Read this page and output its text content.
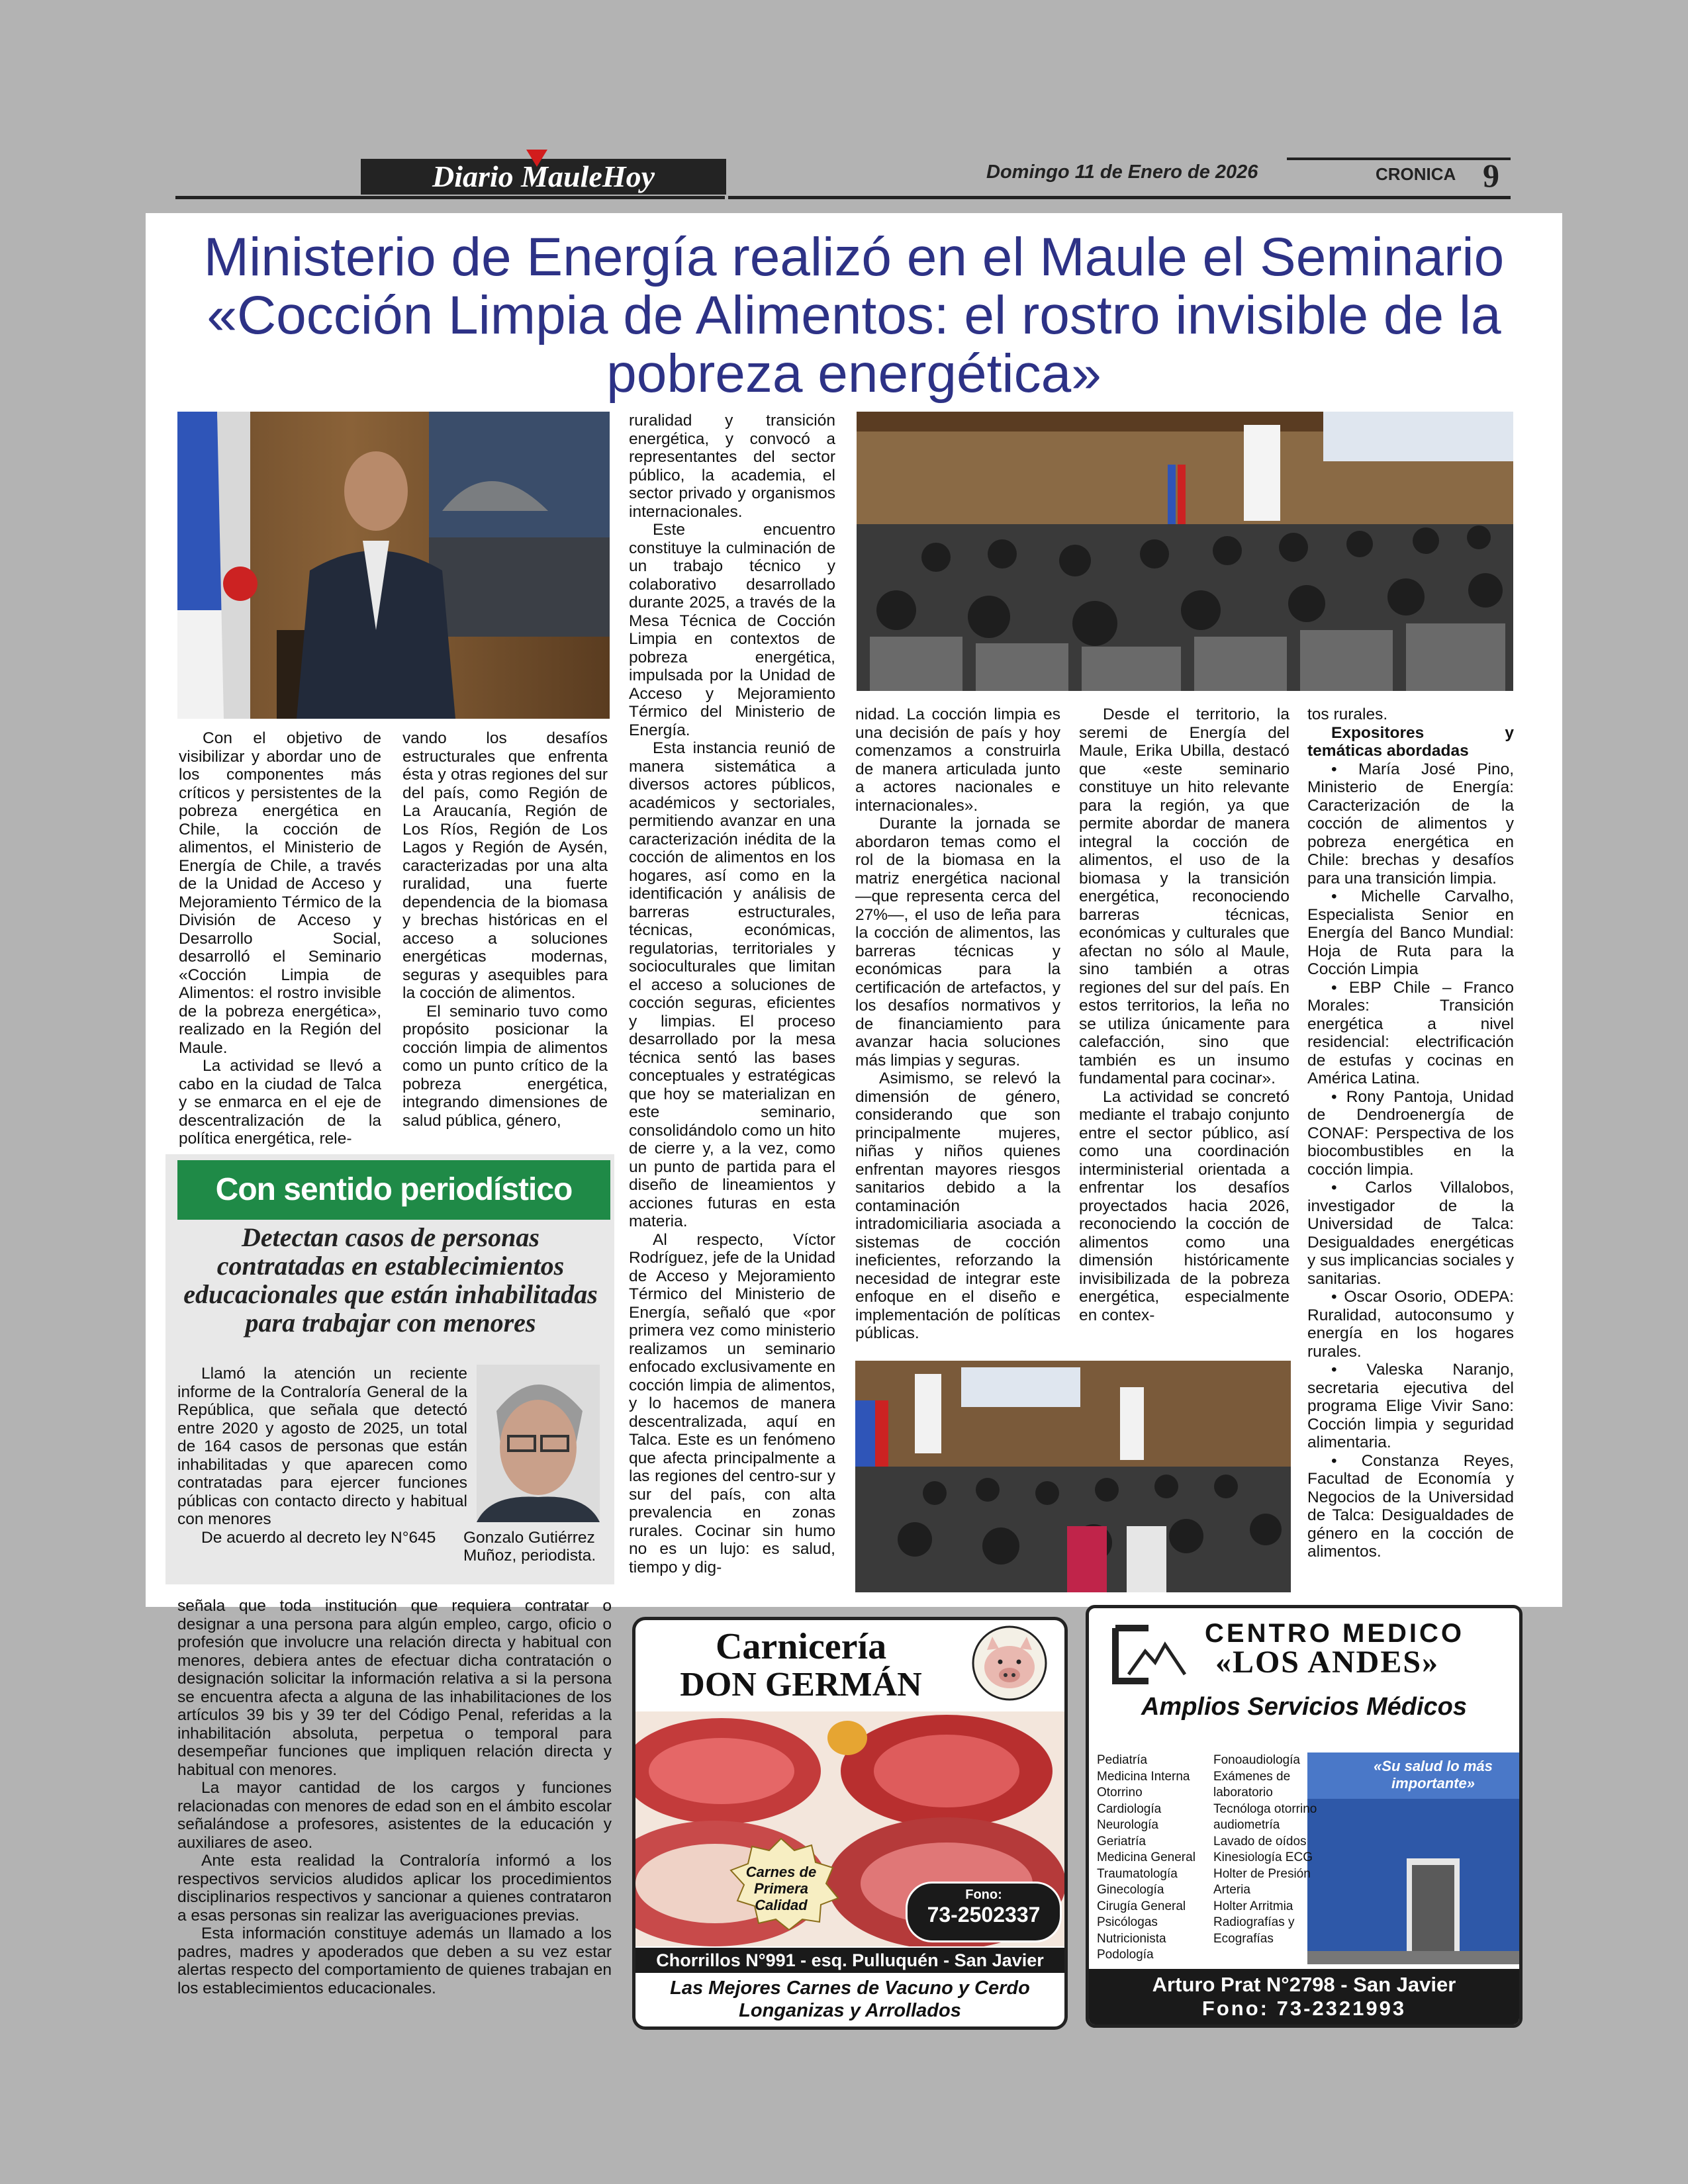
Diario MauleHoy	Domingo 11 de Enero de 2026	CRONICA 9
Ministerio de Energía realizó en el Maule el Seminario «Cocción Limpia de Alimentos: el rostro invisible de la pobreza energética»

Con el objetivo de visibilizar y abordar uno de los componentes más críticos y persistentes de la pobreza energética en Chile, la cocción de alimentos, el Ministerio de Energía de Chile, a través de la Unidad de Acceso y Mejoramiento Térmico de la División de Acceso y Desarrollo Social, desarrolló el Seminario «Cocción Limpia de Alimentos: el rostro invisible de la pobreza energética», realizado en la Región del Maule.

La actividad se llevó a cabo en la ciudad de Talca y se enmarca en el eje de descentralización de la política energética, rele-

vando los desafíos estructurales que enfrenta ésta y otras regiones del sur del país, como Región de La Araucanía, Región de Los Ríos, Región de Los Lagos y Región de Aysén, caracterizadas por una alta ruralidad, una fuerte dependencia de la biomasa y brechas históricas en el acceso a soluciones energéticas modernas, seguras y asequibles para la cocción de alimentos.

El seminario tuvo como propósito posicionar la cocción limpia de alimentos como un punto crítico de la pobreza energética, integrando dimensiones de salud pública, género,

ruralidad y transición energética, y convocó a representantes del sector público, la academia, el sector privado y organismos internacionales.

Este encuentro constituye la culminación de un trabajo técnico y colaborativo desarrollado durante 2025, a través de la Mesa Técnica de Cocción Limpia en contextos de pobreza energética, impulsada por la Unidad de Acceso y Mejoramiento Térmico del Ministerio de Energía.

Esta instancia reunió de manera sistemática a diversos actores públicos, académicos y sectoriales, permitiendo avanzar en una caracterización inédita de la cocción de alimentos en los hogares, así como en la identificación y análisis de barreras estructurales, técnicas, económicas, regulatorias, territoriales y socioculturales que limitan el acceso a soluciones de cocción seguras, eficientes y limpias. El proceso desarrollado por la mesa técnica sentó las bases conceptuales y estratégicas que hoy se materializan en este seminario, consolidándolo como un hito de cierre y, a la vez, como un punto de partida para el diseño de lineamientos y acciones futuras en esta materia.

Al respecto, Víctor Rodríguez, jefe de la Unidad de Acceso y Mejoramiento Térmico del Ministerio de Energía, señaló que «por primera vez como ministerio realizamos un seminario enfocado exclusivamente en cocción limpia de alimentos, y lo hacemos de manera descentralizada, aquí en Talca. Este es un fenómeno que afecta principalmente a las regiones del centro-sur y sur del país, con alta prevalencia en zonas rurales. Cocinar sin humo no es un lujo: es salud, tiempo y dig-

nidad. La cocción limpia es una decisión de país y hoy comenzamos a construirla de manera articulada junto a actores nacionales e internacionales».

Durante la jornada se abordaron temas como el rol de la biomasa en la matriz energética nacional —que representa cerca del 27%—, el uso de leña para la cocción de alimentos, las barreras técnicas y económicas para la certificación de artefactos, y los desafíos normativos y de financiamiento para avanzar hacia soluciones más limpias y seguras.

Asimismo, se relevó la dimensión de género, considerando que son principalmente mujeres, niñas y niños quienes enfrentan mayores riesgos sanitarios debido a la contaminación intradomiciliaria asociada a sistemas de cocción ineficientes, reforzando la necesidad de integrar este enfoque en el diseño e implementación de políticas públicas.

Desde el territorio, la seremi de Energía del Maule, Erika Ubilla, destacó que «este seminario constituye un hito relevante para la región, ya que permite abordar de manera integral la cocción de alimentos, el uso de la biomasa y la transición energética, reconociendo barreras técnicas, económicas y culturales que afectan no sólo al Maule, sino también a otras regiones del sur del país. En estos territorios, la leña no se utiliza únicamente para calefacción, sino que también es un insumo fundamental para cocinar».

La actividad se concretó mediante el trabajo conjunto entre el sector público, así como una coordinación interministerial orientada a enfrentar los desafíos proyectados hacia 2026, reconociendo la cocción de alimentos como una dimensión históricamente invisibilizada de la pobreza energética, especialmente en contex-

tos rurales.

Expositores y temáticas abordadas

• María José Pino, Ministerio de Energía: Caracterización de la cocción de alimentos y pobreza energética en Chile: brechas y desafíos para una transición limpia.

• Michelle Carvalho, Especialista Senior en Energía del Banco Mundial: Hoja de Ruta para la Cocción Limpia

• EBP Chile – Franco Morales: Transición energética a nivel residencial: electrificación de estufas y cocinas en América Latina.

• Rony Pantoja, Unidad de Dendroenergía de CONAF: Perspectiva de los biocombustibles en la cocción limpia.

• Carlos Villalobos, investigador de la Universidad de Talca: Desigualdades energéticas y sus implicancias sociales y sanitarias.

• Oscar Osorio, ODEPA: Ruralidad, autoconsumo y energía en los hogares rurales.

• Valeska Naranjo, secretaria ejecutiva del programa Elige Vivir Sano: Cocción limpia y seguridad alimentaria.

• Constanza Reyes, Facultad de Economía y Negocios de la Universidad de Talca: Desigualdades de género en la cocción de alimentos.

Con sentido periodístico
Detectan casos de personas contratadas en establecimientos educacionales que están inhabilitadas para trabajar con menores

Llamó la atención un reciente informe de la Contraloría General de la República, que señala que detectó entre 2020 y agosto de 2025, un total de 164 casos de personas que están inhabilitadas y que aparecen como contratadas para ejercer funciones públicas con contacto directo y habitual con menores

De acuerdo al decreto ley N°645	Gonzalo Gutiérrez Muñoz, periodista.

señala que toda institución que requiera contratar o designar a una persona para algún empleo, cargo, oficio o profesión que involucre una relación directa y habitual con menores, debiera antes de efectuar dicha contratación o designación solicitar la información relativa a si la persona se encuentra afecta a alguna de las inhabilitaciones de los artículos 39 bis y 39 ter del Código Penal, referidas a la inhabilitación absoluta, perpetua o temporal para desempeñar funciones que impliquen relación directa y habitual con menores.

La mayor cantidad de los cargos y funciones relacionadas con menores de edad son en el ámbito escolar señalándose a profesores, asistentes de la educación y auxiliares de aseo.

Ante esta realidad la Contraloría informó a los respectivos servicios aludidos aplicar los procedimientos disciplinarios respectivos y sancionar a quienes contrataron a esas personas sin realizar las averiguaciones previas.

Esta información constituye además un llamado a los padres, madres y apoderados que deben a su vez estar alertas respecto del comportamiento de quienes trabajan en los establecimientos educacionales.

Carnicería
DON GERMÁN
Carnes de Primera Calidad
Fono:
73-2502337
Chorrillos N°991 - esq. Pulluquén - San Javier
Las Mejores Carnes de Vacuno y Cerdo
Longanizas y Arrollados
CENTRO MEDICO
«LOS ANDES»
Amplios Servicios Médicos
Pediatría
Medicina Interna
Otorrino
Cardiología
Neurología
Geriatría
Medicina General
Traumatología
Ginecología
Cirugía General
Psicólogas
Nutricionista
Podología
«Su salud lo más importante»
Fonoaudiología
Exámenes de
laboratorio
Tecnóloga otorrino
audiometría
Lavado de oídos
Kinesiología ECG
Holter de Presión
Arteria
Holter Arritmia
Radiografías y
Ecografías
Arturo Prat N°2798 - San Javier
Fono: 73-2321993
